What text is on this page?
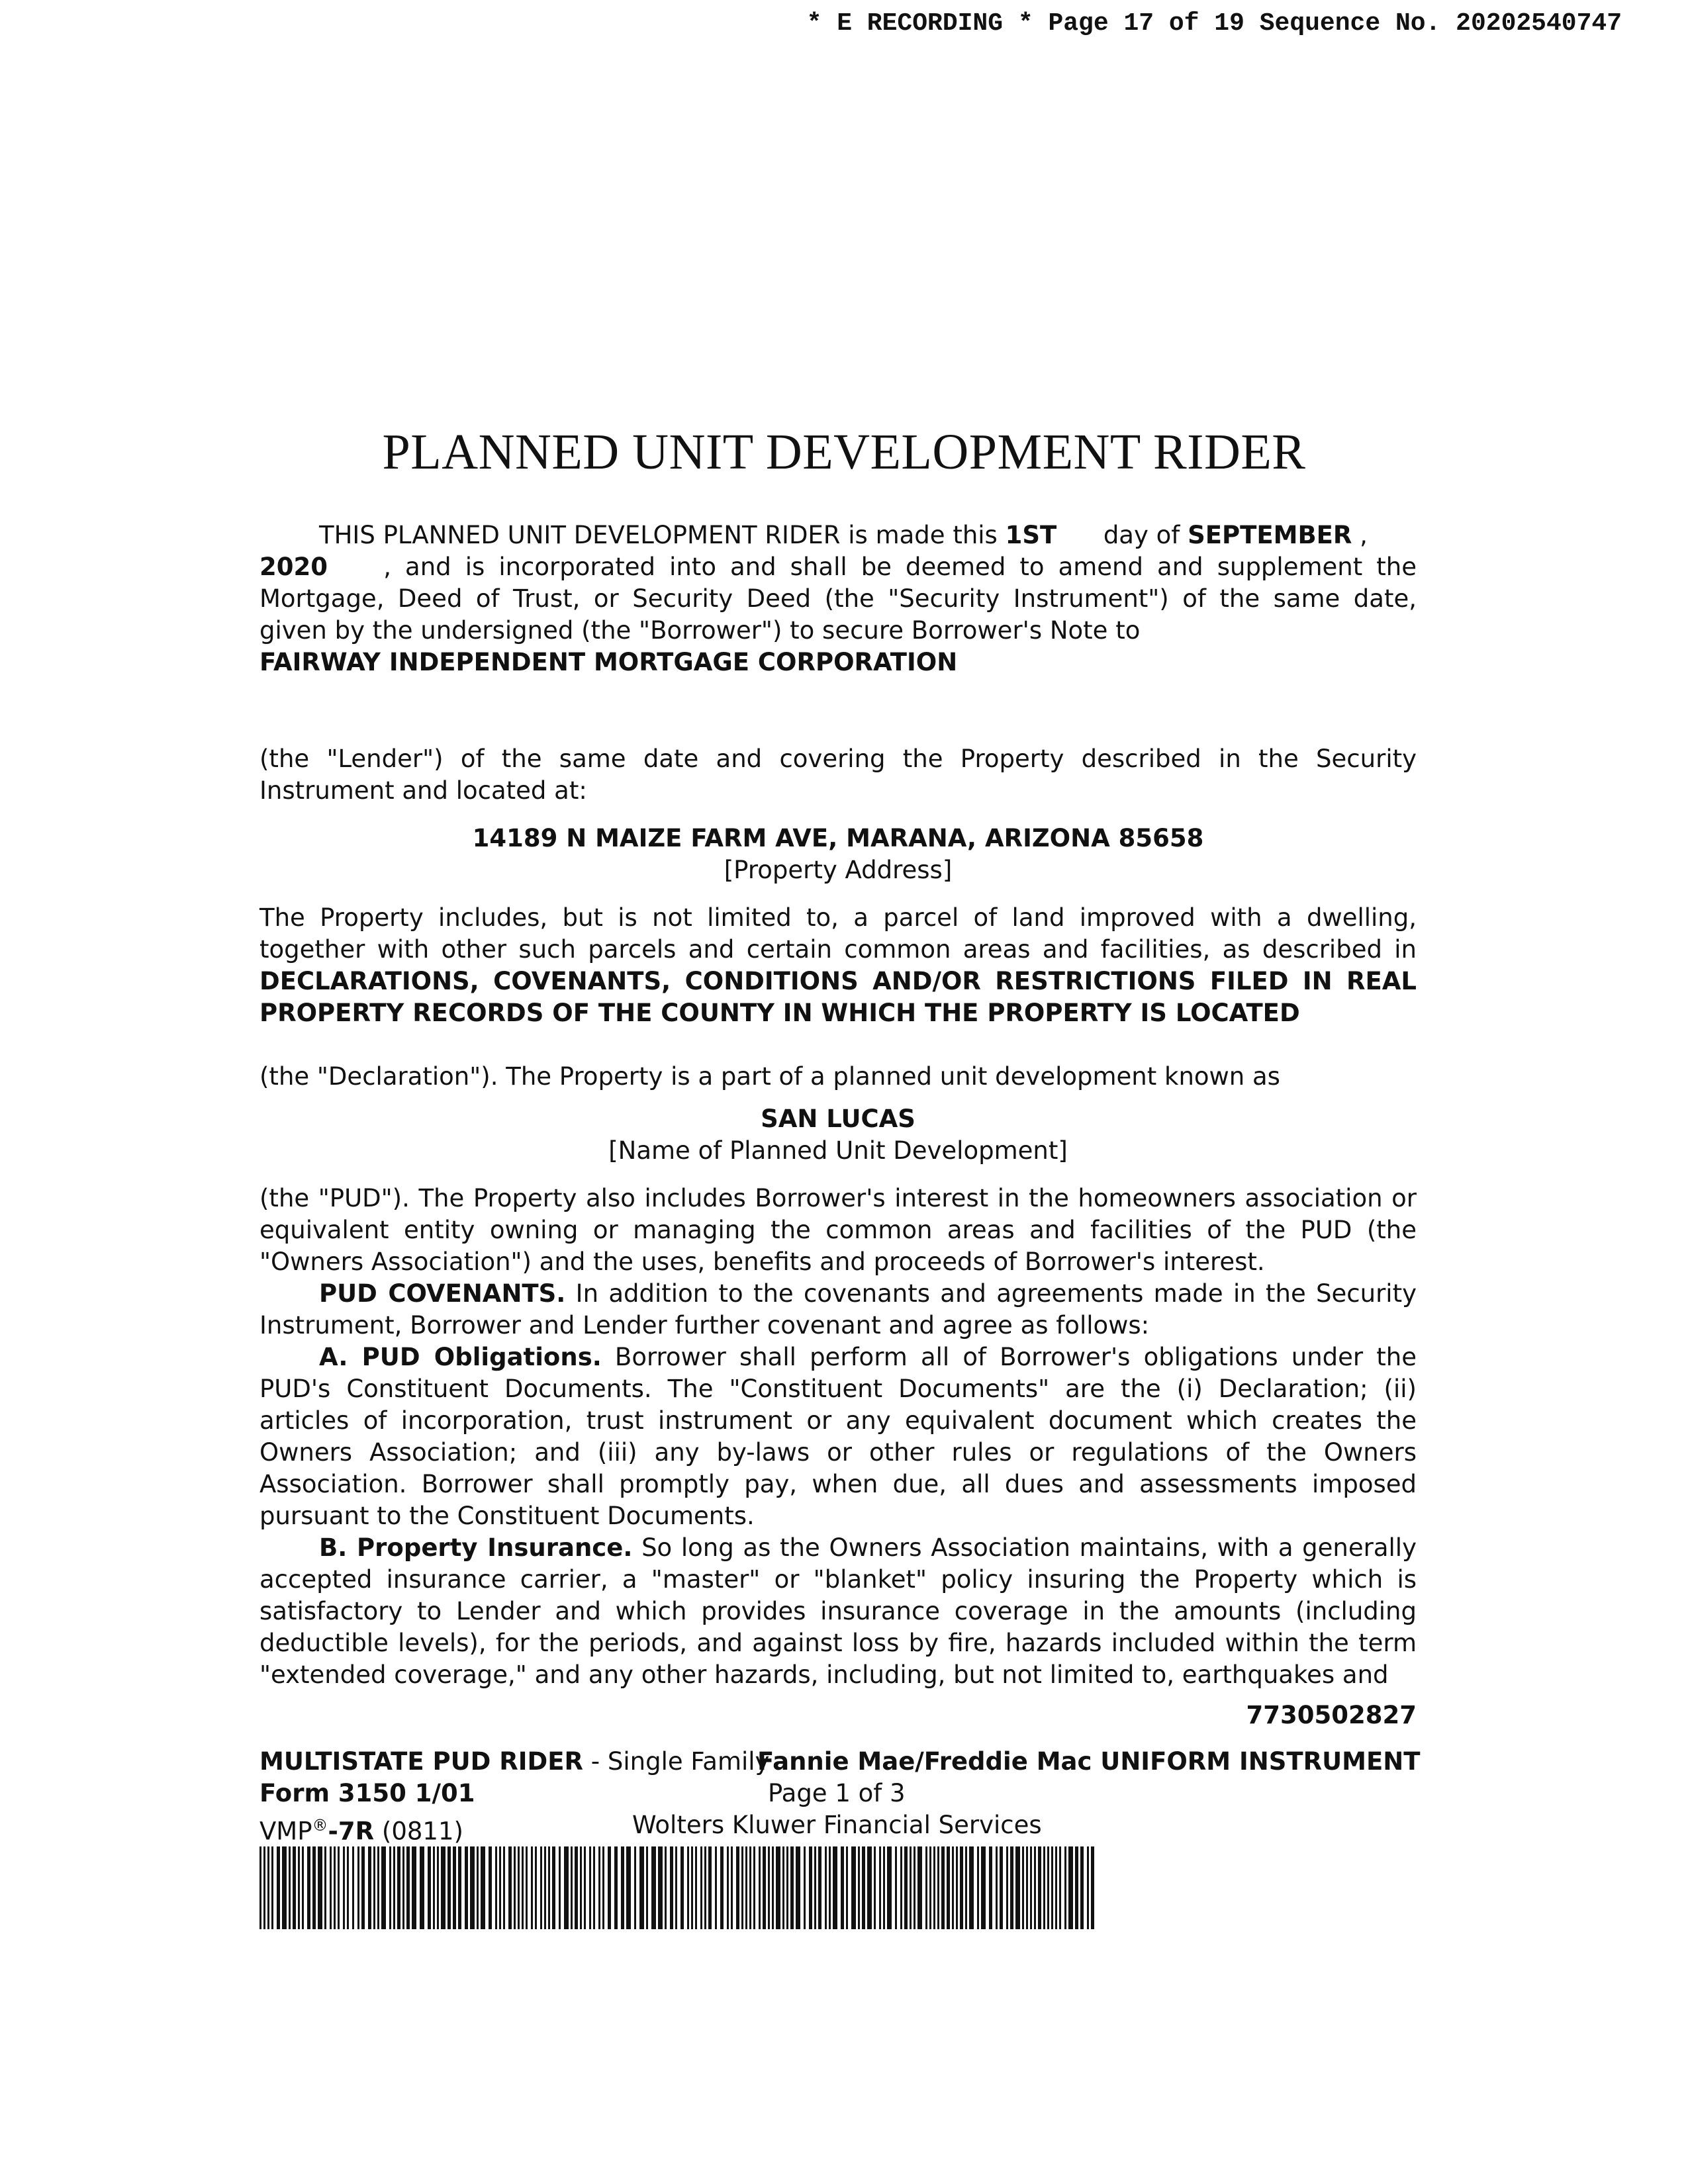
* E RECORDING * Page 17 of 19 Sequence No. 20202540747
PLANNED UNIT DEVELOPMENT RIDER
THIS PLANNED UNIT DEVELOPMENT RIDER is made this 1ST      day of SEPTEMBER ,
2020    , and is incorporated into and shall be deemed to amend and supplement the Mortgage, Deed of Trust, or Security Deed (the "Security Instrument") of the same date, given by the undersigned (the "Borrower") to secure Borrower's Note to
FAIRWAY INDEPENDENT MORTGAGE CORPORATION
(the "Lender") of the same date and covering the Property described in the Security Instrument and located at:
14189 N MAIZE FARM AVE, MARANA, ARIZONA 85658
[Property Address]
The Property includes, but is not limited to, a parcel of land improved with a dwelling, together with other such parcels and certain common areas and facilities, as described in DECLARATIONS, COVENANTS, CONDITIONS AND/OR RESTRICTIONS FILED IN REAL PROPERTY RECORDS OF THE COUNTY IN WHICH THE PROPERTY IS LOCATED
(the "Declaration"). The Property is a part of a planned unit development known as
SAN LUCAS
[Name of Planned Unit Development]
(the "PUD"). The Property also includes Borrower's interest in the homeowners association or equivalent entity owning or managing the common areas and facilities of the PUD (the "Owners Association") and the uses, benefits and proceeds of Borrower's interest.
PUD COVENANTS. In addition to the covenants and agreements made in the Security Instrument, Borrower and Lender further covenant and agree as follows:
A. PUD Obligations. Borrower shall perform all of Borrower's obligations under the PUD's Constituent Documents. The "Constituent Documents" are the (i) Declaration; (ii) articles of incorporation, trust instrument or any equivalent document which creates the Owners Association; and (iii) any by-laws or other rules or regulations of the Owners Association. Borrower shall promptly pay, when due, all dues and assessments imposed pursuant to the Constituent Documents.
B. Property Insurance. So long as the Owners Association maintains, with a generally accepted insurance carrier, a "master" or "blanket" policy insuring the Property which is satisfactory to Lender and which provides insurance coverage in the amounts (including deductible levels), for the periods, and against loss by fire, hazards included within the term "extended coverage," and any other hazards, including, but not limited to, earthquakes and
7730502827
MULTISTATE PUD RIDER - Single Family -
Fannie Mae/Freddie Mac UNIFORM INSTRUMENT
Form 3150 1/01	Page 1 of 3
VMP®-7R (0811)	Wolters Kluwer Financial Services
